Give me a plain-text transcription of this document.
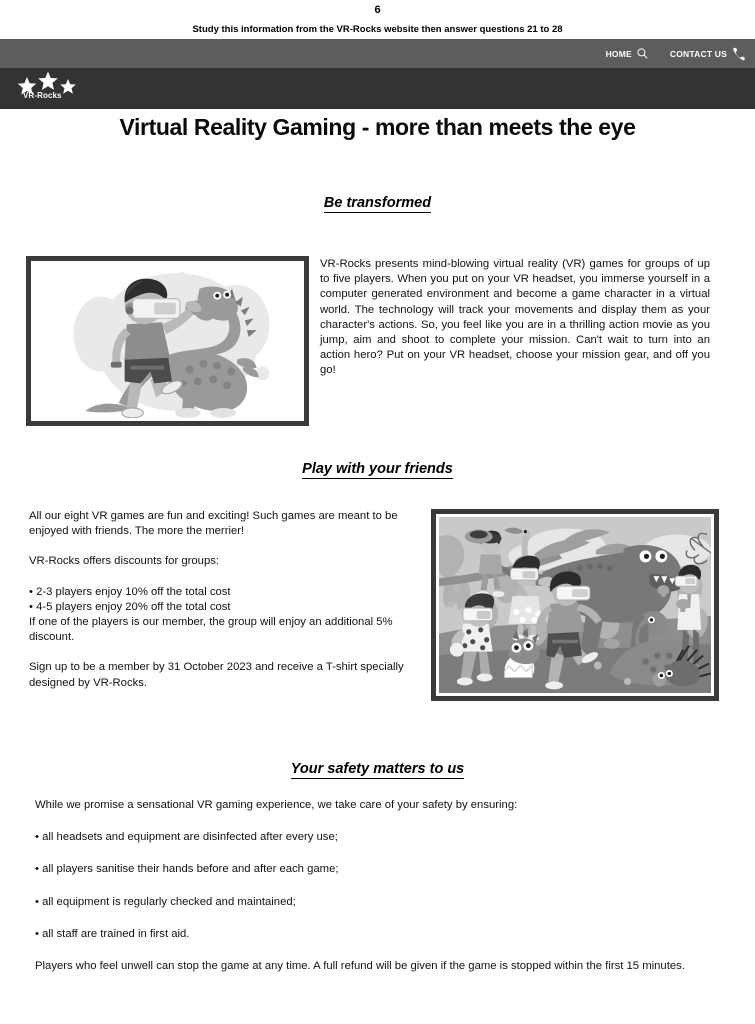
6
Study this information from the VR-Rocks website then answer questions 21 to 28
HOME	CONTACT US
VR-Rocks
Virtual Reality Gaming - more than meets the eye
Be transformed
VR-Rocks presents mind-blowing virtual reality (VR) games for groups of up to five players. When you put on your VR headset, you immerse yourself in a computer generated environment and become a game character in a virtual world. The technology will track your movements and display them as your character's actions. So, you feel like you are in a thrilling action movie as you jump, aim and shoot to complete your mission. Can't wait to turn into an action hero? Put on your VR headset, choose your mission gear, and off you go!
Play with your friends

All our eight VR games are fun and exciting! Such games are meant to be enjoyed with friends. The more the merrier!

VR-Rocks offers discounts for groups:

• 2-3 players enjoy 10% off the total cost

• 4-5 players enjoy 20% off the total cost

If one of the players is our member, the group will enjoy an additional 5% discount.

Sign up to be a member by 31 October 2023 and receive a T-shirt specially designed by VR-Rocks.

Your safety matters to us

While we promise a sensational VR gaming experience, we take care of your safety by ensuring:

• all headsets and equipment are disinfected after every use;

• all players sanitise their hands before and after each game;

• all equipment is regularly checked and maintained;

• all staff are trained in first aid.

Players who feel unwell can stop the game at any time. A full refund will be given if the game is stopped within the first 15 minutes.
